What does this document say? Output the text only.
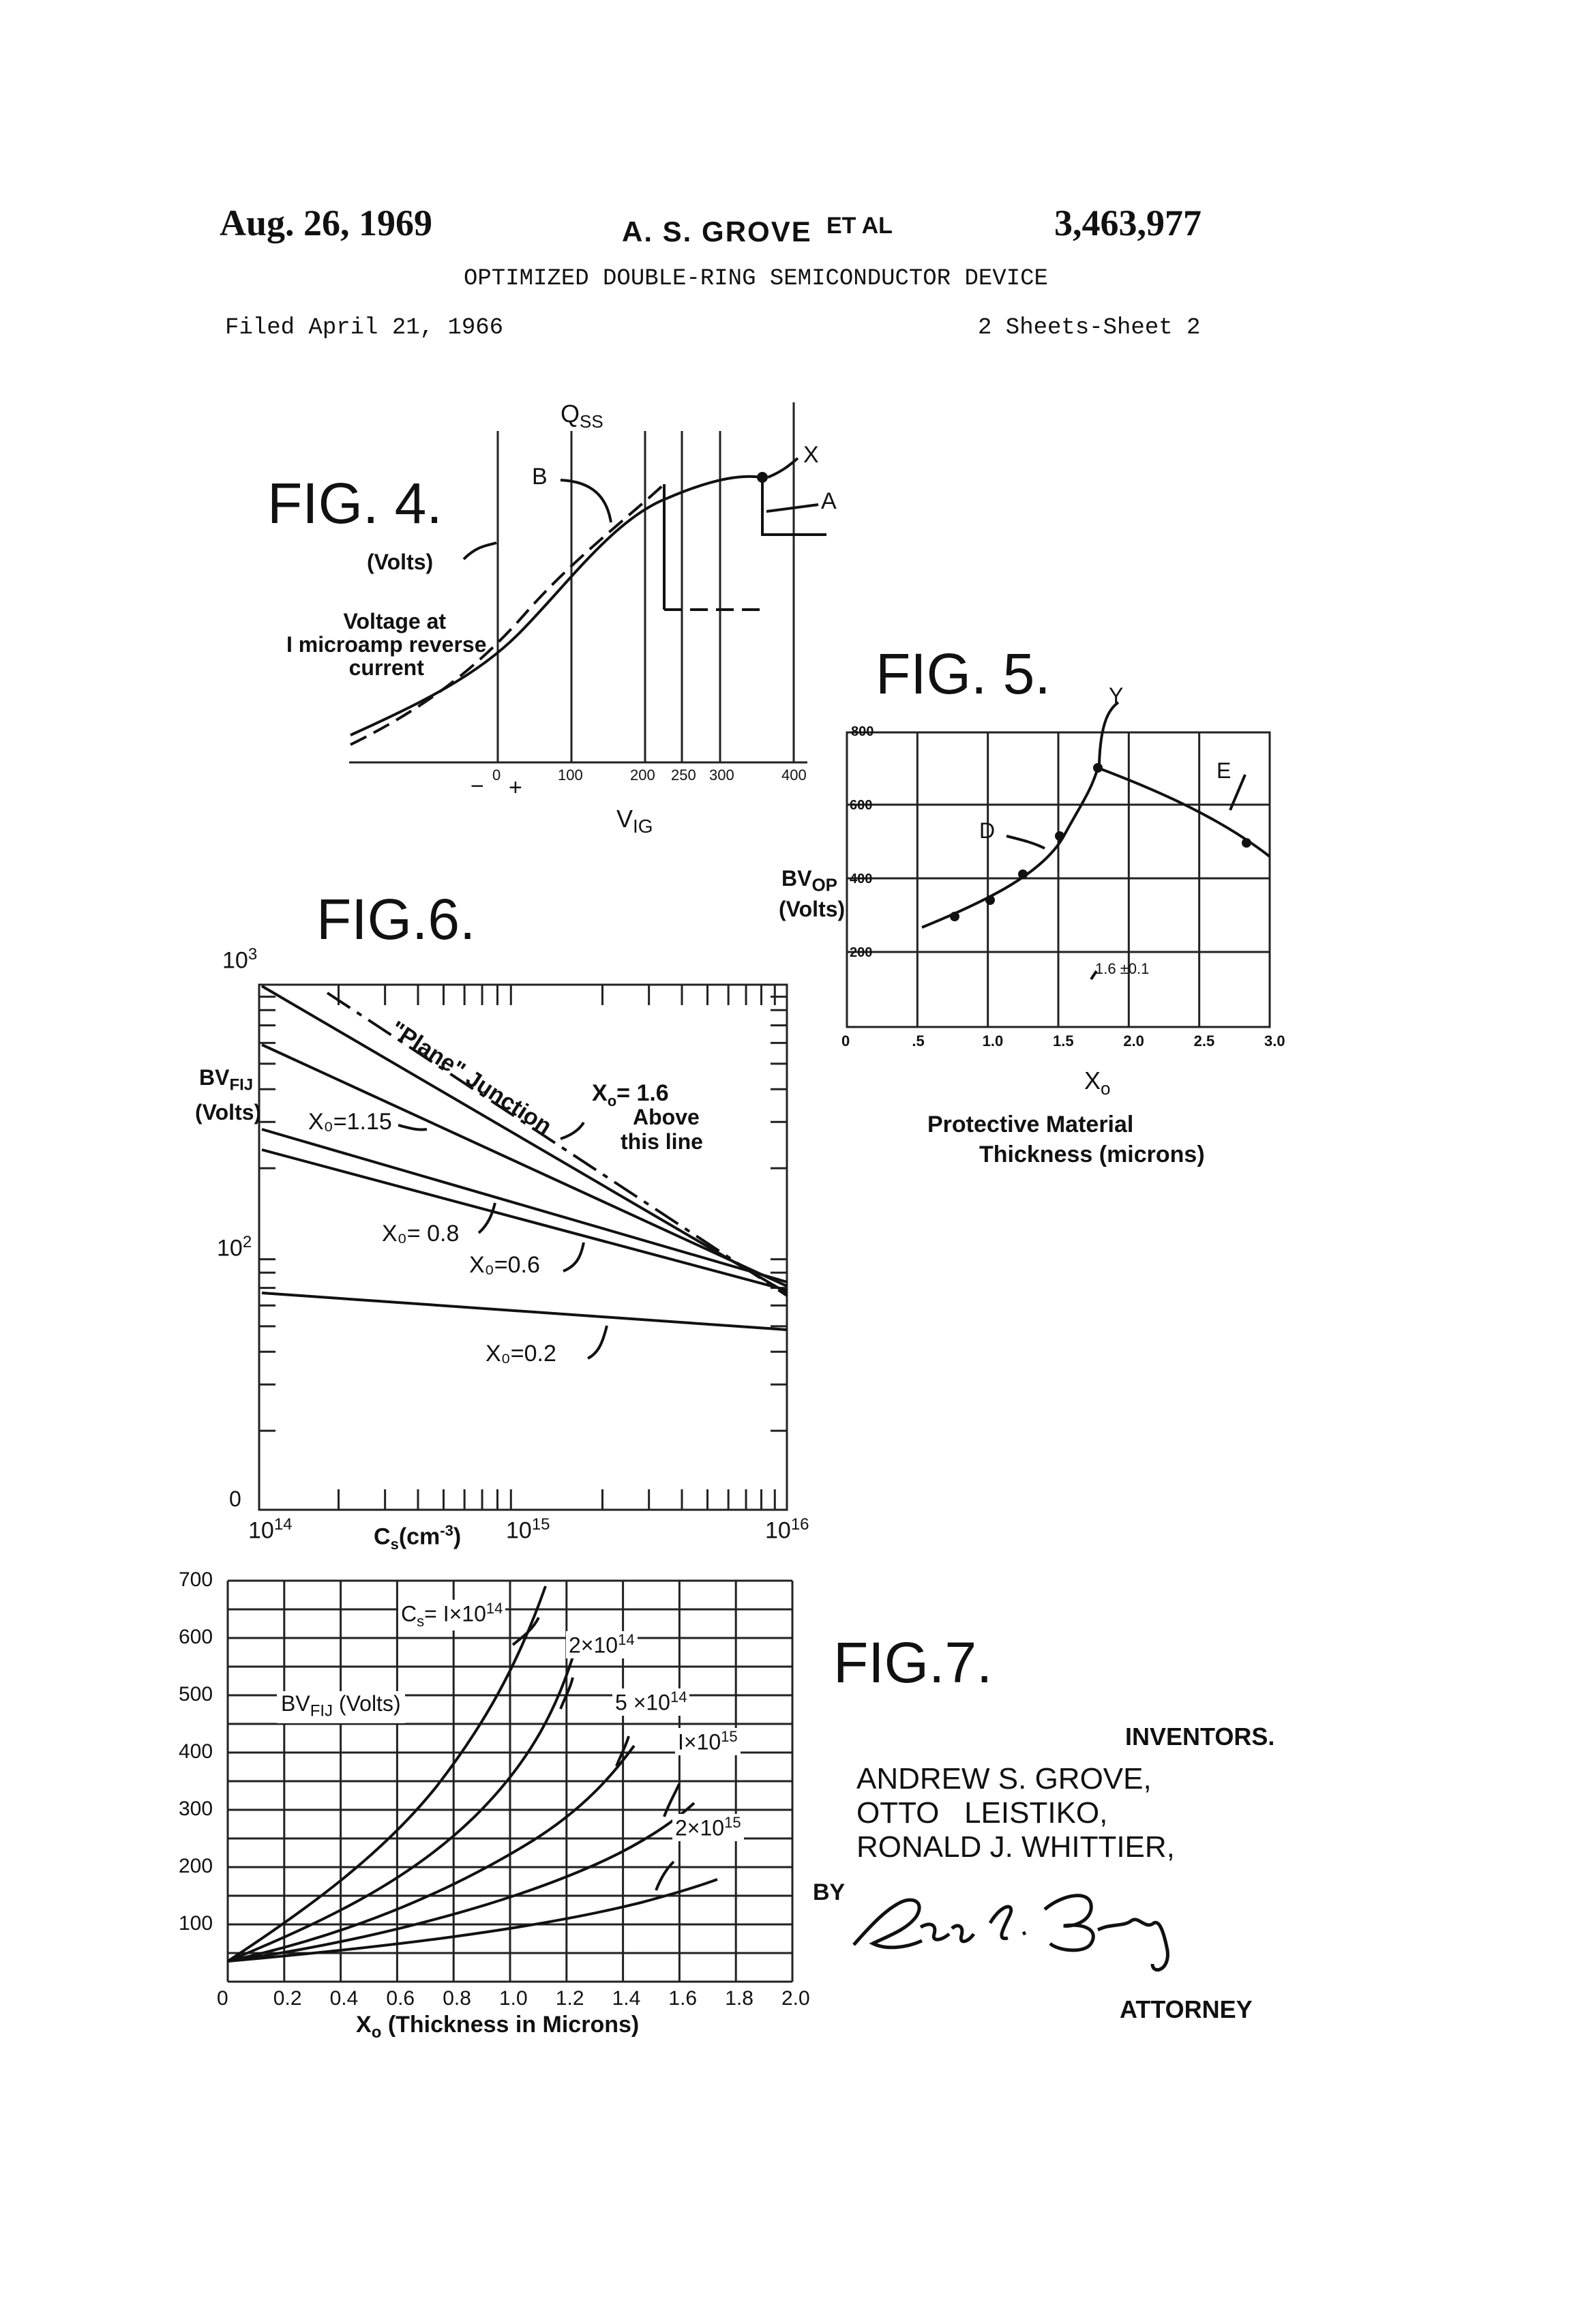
Aug. 26, 1969	A. S. GROVE ET AL	3,463,977
OPTIMIZED DOUBLE-RING SEMICONDUCTOR DEVICE
Filed April 21, 1966	2 Sheets-Sheet 2
FIG. 4.
QSS
B
X
A
(Volts)
Voltage at
I microamp reverse
current
0	100	200 250 300	400
− +
VIG
FIG. 5.	Y
D
E
800
600
400
200
BVOP
(Volts)
1.6 ±0.1
0	.5	1.0	1.5	2.0	2.5	3.0
Xo
Protective Material
Thickness (microns)
FIG.6.
103
102
0
BVFIJ
(Volts)	"Plane" Junction Xo= 1.6
Above
this line
X₀=1.15
X₀= 0.8
X₀=0.6
X₀=0.2
1014	Cs(cm-3) 1015	1016
FIG.7.
700
600
500
400
300
200
100
0 0.2 0.4 0.6 0.8 1.0 1.2 1.4 1.6 1.8 2.0
BVFIJ (Volts)
Cs= I×1014
2×1014
5 ×1014
I×1015
2×1015
Xo (Thickness in Microns)
INVENTORS.
ANDREW S. GROVE,
OTTO   LEISTIKO,
RONALD J. WHITTIER,
BY
ATTORNEY
